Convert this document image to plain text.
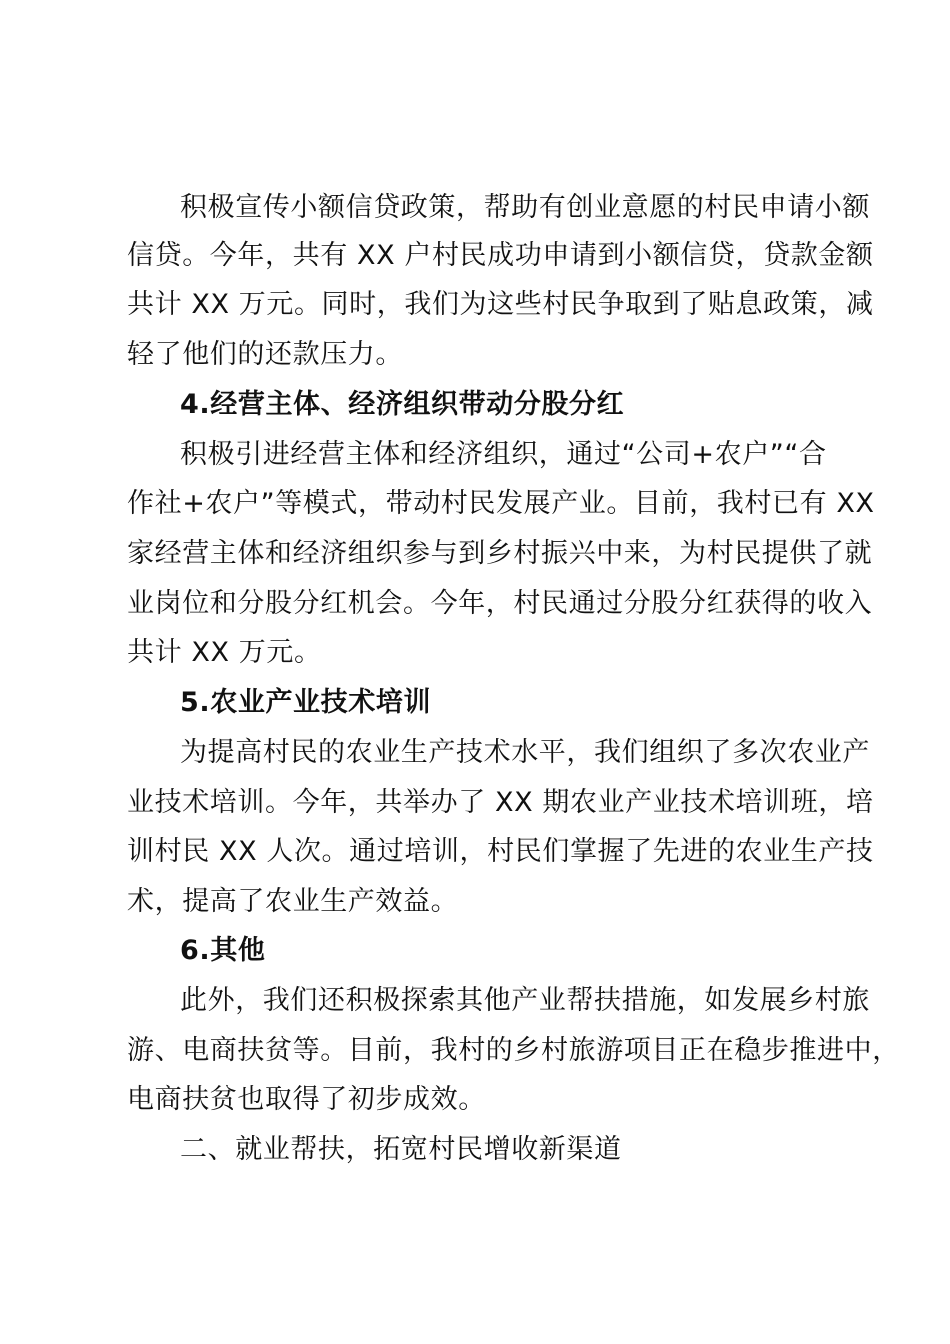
积极宣传小额信贷政策，帮助有创业意愿的村民申请小额
信贷。今年，共有 XX 户村民成功申请到小额信贷，贷款金额
共计 XX 万元。同时，我们为这些村民争取到了贴息政策，减
轻了他们的还款压力。
4.经营主体、经济组织带动分股分红
积极引进经营主体和经济组织，通过“公司+农户”“合
作社+农户”等模式，带动村民发展产业。目前，我村已有 XX
家经营主体和经济组织参与到乡村振兴中来，为村民提供了就
业岗位和分股分红机会。今年，村民通过分股分红获得的收入
共计 XX 万元。
5.农业产业技术培训
为提高村民的农业生产技术水平，我们组织了多次农业产
业技术培训。今年，共举办了 XX 期农业产业技术培训班，培
训村民 XX 人次。通过培训，村民们掌握了先进的农业生产技
术，提高了农业生产效益。
6.其他
此外，我们还积极探索其他产业帮扶措施，如发展乡村旅
游、电商扶贫等。目前，我村的乡村旅游项目正在稳步推进中，
电商扶贫也取得了初步成效。
二、就业帮扶，拓宽村民增收新渠道
